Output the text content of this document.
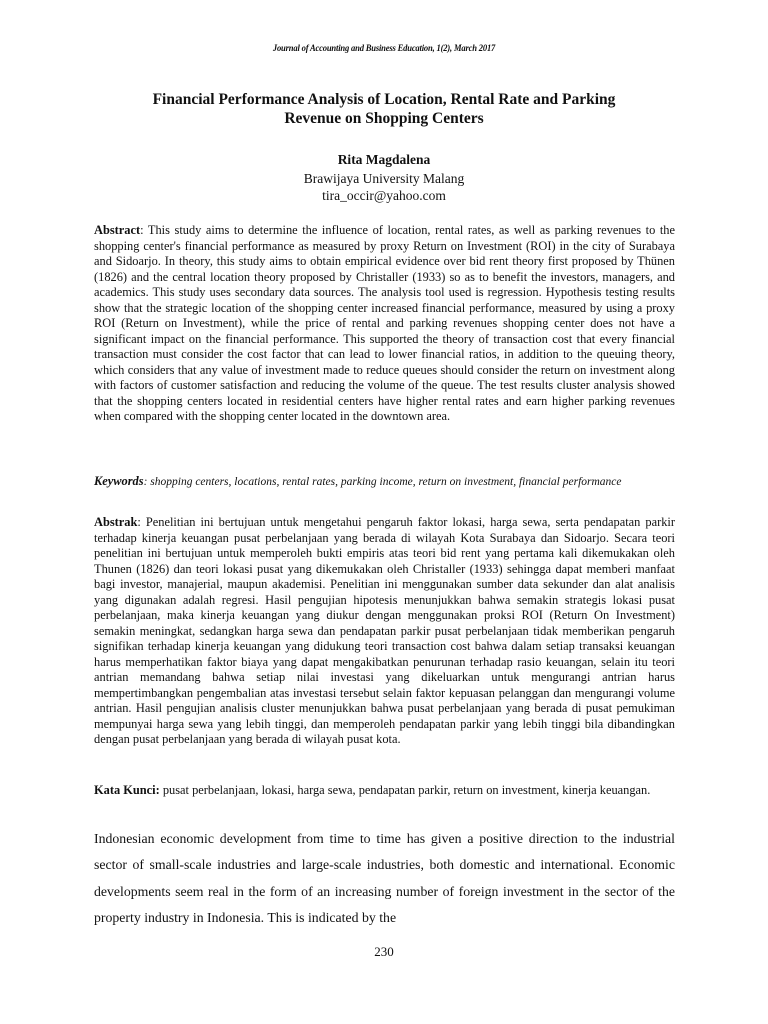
Journal of Accounting and Business Education, 1(2), March 2017
Financial Performance Analysis of Location, Rental Rate and Parking
Revenue on Shopping Centers
Rita Magdalena
Brawijaya University Malang
tira_occir@yahoo.com

Abstract: This study aims to determine the influence of location, rental rates, as well as parking revenues to the shopping center's financial performance as measured by proxy Return on Investment (ROI) in the city of Surabaya and Sidoarjo. In theory, this study aims to obtain empirical evidence over bid rent theory first proposed by Thünen (1826) and the central location theory proposed by Christaller (1933) so as to benefit the investors, managers, and academics. This study uses secondary data sources. The analysis tool used is regression. Hypothesis testing results show that the strategic location of the shopping center increased financial performance, measured by using a proxy ROI (Return on Investment), while the price of rental and parking revenues shopping center does not have a significant impact on the financial performance. This supported the theory of transaction cost that every financial transaction must consider the cost factor that can lead to lower financial ratios, in addition to the queuing theory, which considers that any value of investment made to reduce queues should consider the return on investment along with factors of customer satisfaction and reducing the volume of the queue. The test results cluster analysis showed that the shopping centers located in residential centers have higher rental rates and earn higher parking revenues when compared with the shopping center located in the downtown area.

Keywords: shopping centers, locations, rental rates, parking income, return on investment, financial performance

Abstrak: Penelitian ini bertujuan untuk mengetahui pengaruh faktor lokasi, harga sewa, serta pendapatan parkir terhadap kinerja keuangan pusat perbelanjaan yang berada di wilayah Kota Surabaya dan Sidoarjo. Secara teori penelitian ini bertujuan untuk memperoleh bukti empiris atas teori bid rent yang pertama kali dikemukakan oleh Thunen (1826) dan teori lokasi pusat yang dikemukakan oleh Christaller (1933) sehingga dapat memberi manfaat bagi investor, manajerial, maupun akademisi. Penelitian ini menggunakan sumber data sekunder dan alat analisis yang digunakan adalah regresi. Hasil pengujian hipotesis menunjukkan bahwa semakin strategis lokasi pusat perbelanjaan, maka kinerja keuangan yang diukur dengan menggunakan proksi ROI (Return On Investment) semakin meningkat, sedangkan harga sewa dan pendapatan parkir pusat perbelanjaan tidak memberikan pengaruh signifikan terhadap kinerja keuangan yang didukung teori transaction cost bahwa dalam setiap transaksi keuangan harus memperhatikan faktor biaya yang dapat mengakibatkan penurunan terhadap rasio keuangan, selain itu teori antrian memandang bahwa setiap nilai investasi yang dikeluarkan untuk mengurangi antrian harus mempertimbangkan pengembalian atas investasi tersebut selain faktor kepuasan pelanggan dan mengurangi volume antrian. Hasil pengujian analisis cluster menunjukkan bahwa pusat perbelanjaan yang berada di pusat pemukiman mempunyai harga sewa yang lebih tinggi, dan memperoleh pendapatan parkir yang lebih tinggi bila dibandingkan dengan pusat perbelanjaan yang berada di wilayah pusat kota.

Kata Kunci: pusat perbelanjaan, lokasi, harga sewa, pendapatan parkir, return on investment, kinerja keuangan.

Indonesian economic development from time to time has given a positive direction to the industrial sector of small-scale industries and large-scale industries, both domestic and international. Economic developments seem real in the form of an increasing number of foreign investment in the sector of the property industry in Indonesia. This is indicated by the

230
